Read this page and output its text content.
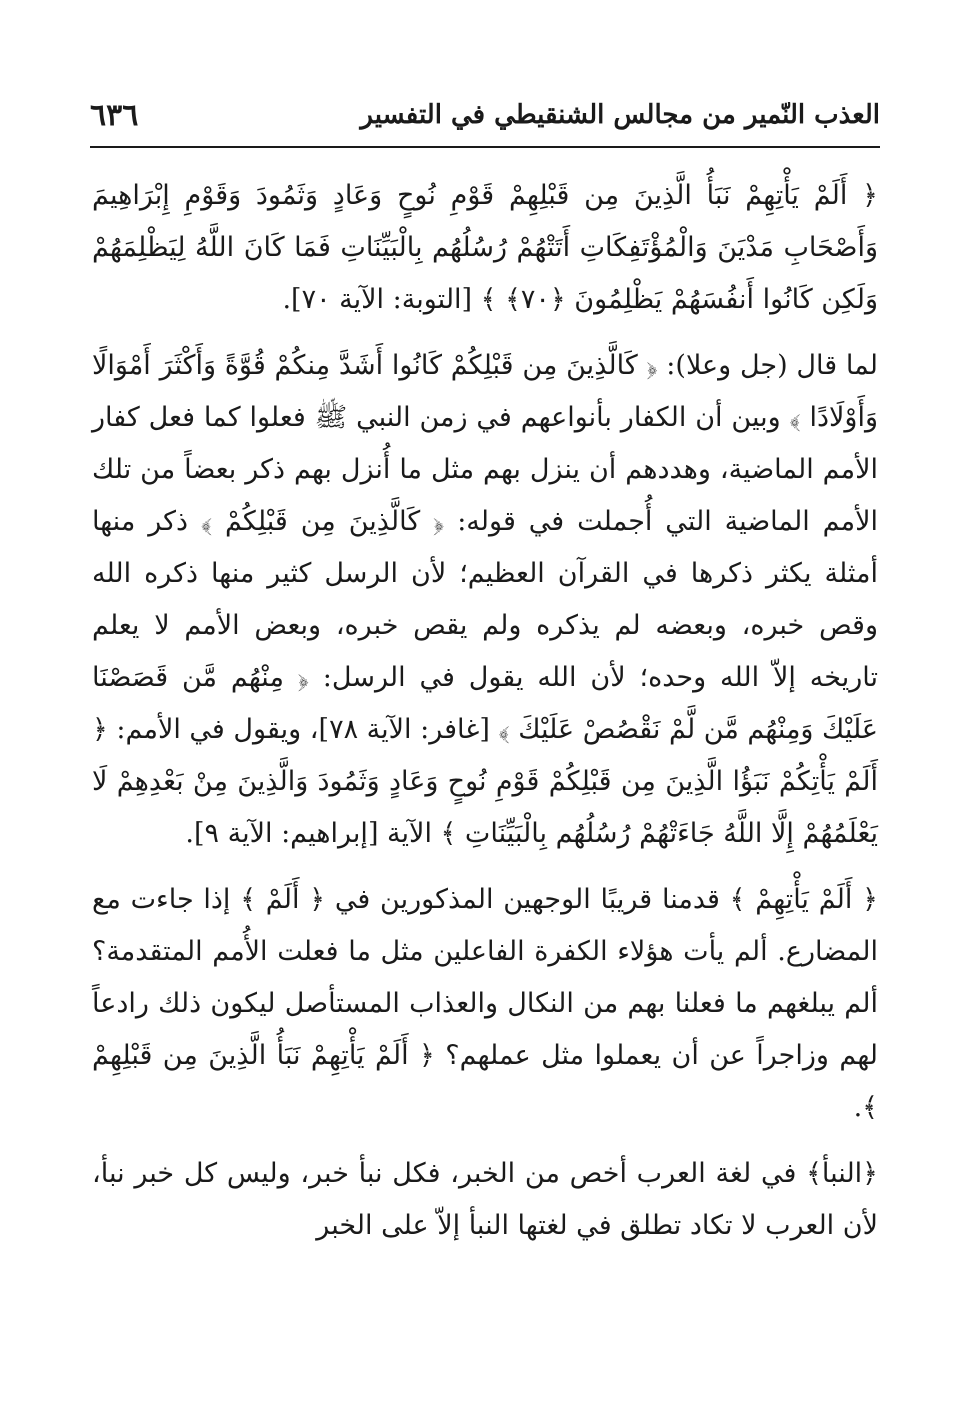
٦٣٦	العذب النّمير من مجالس الشنقيطي في التفسير

﴿ أَلَمْ يَأْتِهِمْ نَبَأُ الَّذِينَ مِن قَبْلِهِمْ قَوْمِ نُوحٍ وَعَادٍ وَثَمُودَ وَقَوْمِ إِبْرَاهِيمَ وَأَصْحَابِ مَدْيَنَ وَالْمُؤْتَفِكَاتِ أَتَتْهُمْ رُسُلُهُم بِالْبَيِّنَاتِ فَمَا كَانَ اللَّهُ لِيَظْلِمَهُمْ وَلَكِن كَانُوا أَنفُسَهُمْ يَظْلِمُونَ ﴿٧٠﴾ ﴾ [التوبة: الآية ٧٠].

لما قال (جل وعلا): ﴿ كَالَّذِينَ مِن قَبْلِكُمْ كَانُوا أَشَدَّ مِنكُمْ قُوَّةً وَأَكْثَرَ أَمْوَالًا وَأَوْلَادًا ﴾ وبين أن الكفار بأنواعهم في زمن النبي ﷺ فعلوا كما فعل كفار الأمم الماضية، وهددهم أن ينزل بهم مثل ما أُنزل بهم ذكر بعضاً من تلك الأمم الماضية التي أُجملت في قوله: ﴿ كَالَّذِينَ مِن قَبْلِكُمْ ﴾ ذكر منها أمثلة يكثر ذكرها في القرآن العظيم؛ لأن الرسل كثير منها ذكره الله وقص خبره، وبعضه لم يذكره ولم يقص خبره، وبعض الأمم لا يعلم تاريخه إلاّ الله وحده؛ لأن الله يقول في الرسل: ﴿ مِنْهُم مَّن قَصَصْنَا عَلَيْكَ وَمِنْهُم مَّن لَّمْ نَقْصُصْ عَلَيْكَ ﴾ [غافر: الآية ٧٨]، ويقول في الأمم: ﴿ أَلَمْ يَأْتِكُمْ نَبَؤُا الَّذِينَ مِن قَبْلِكُمْ قَوْمِ نُوحٍ وَعَادٍ وَثَمُودَ وَالَّذِينَ مِنْ بَعْدِهِمْ لَا يَعْلَمُهُمْ إِلَّا اللَّهُ جَاءَتْهُمْ رُسُلُهُم بِالْبَيِّنَاتِ ﴾ الآية [إبراهيم: الآية ٩].

﴿ أَلَمْ يَأْتِهِمْ ﴾ قدمنا قريبًا الوجهين المذكورين في ﴿ أَلَمْ ﴾ إذا جاءت مع المضارع. ألم يأت هؤلاء الكفرة الفاعلين مثل ما فعلت الأُمم المتقدمة؟ ألم يبلغهم ما فعلنا بهم من النكال والعذاب المستأصل ليكون ذلك رادعاً لهم وزاجراً عن أن يعملوا مثل عملهم؟ ﴿ أَلَمْ يَأْتِهِمْ نَبَأُ الَّذِينَ مِن قَبْلِهِمْ ﴾.

﴿النبأ﴾ في لغة العرب أخص من الخبر، فكل نبأ خبر، وليس كل خبر نبأ، لأن العرب لا تكاد تطلق في لغتها النبأ إلاّ على الخبر
